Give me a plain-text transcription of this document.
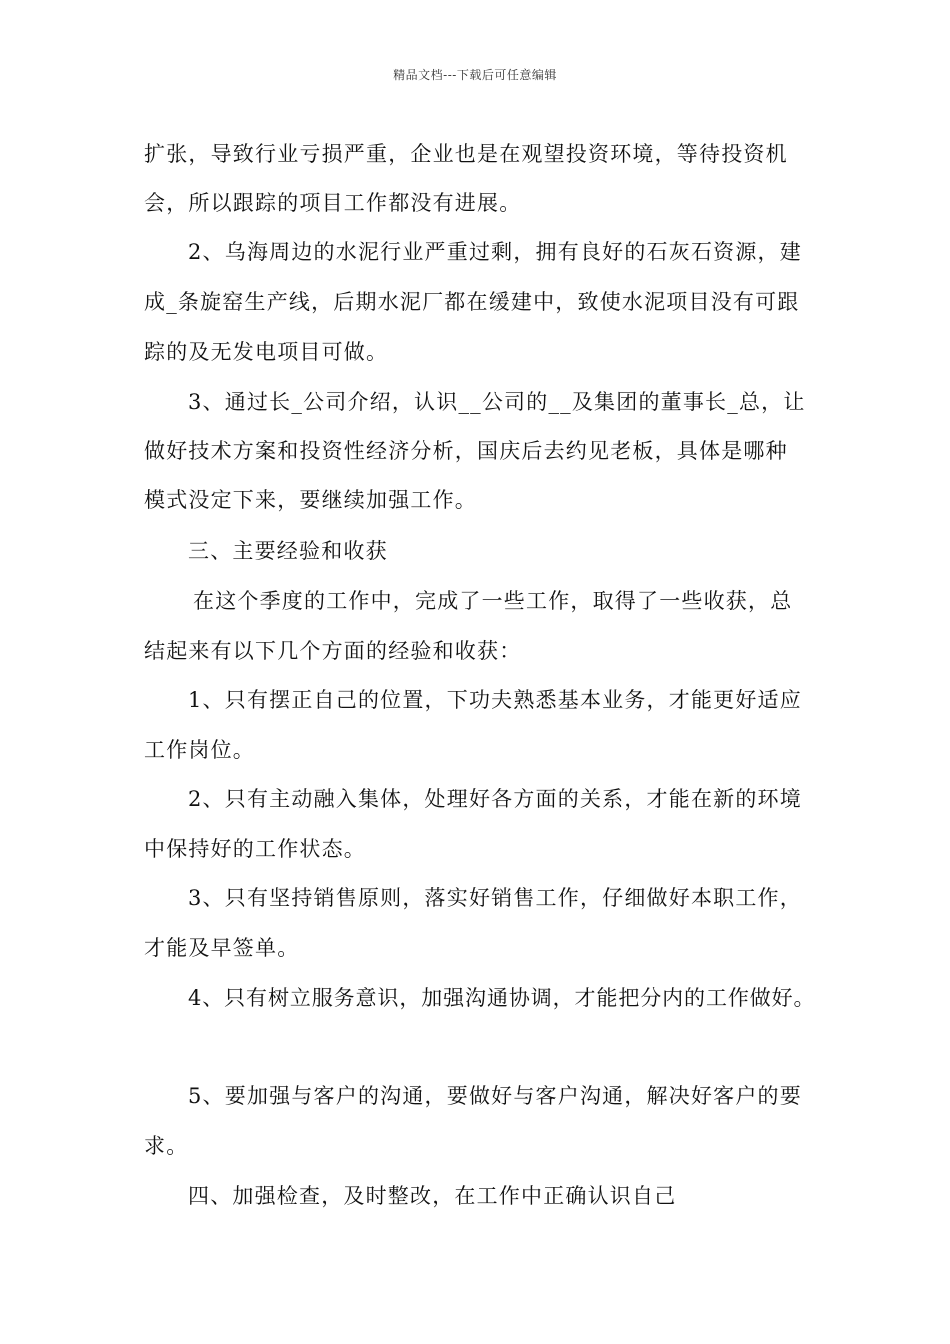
精品文档---下载后可任意编辑
扩张，导致行业亏损严重，企业也是在观望投资环境，等待投资机
会，所以跟踪的项目工作都没有进展。
2、乌海周边的水泥行业严重过剩，拥有良好的石灰石资源，建
成_条旋窑生产线，后期水泥厂都在缓建中，致使水泥项目没有可跟
踪的及无发电项目可做。
3、通过长_公司介绍，认识__公司的__及集团的董事长_总，让
做好技术方案和投资性经济分析，国庆后去约见老板，具体是哪种
模式没定下来，要继续加强工作。
三、主要经验和收获
在这个季度的工作中，完成了一些工作，取得了一些收获，总
结起来有以下几个方面的经验和收获：
1、只有摆正自己的位置，下功夫熟悉基本业务，才能更好适应
工作岗位。
2、只有主动融入集体，处理好各方面的关系，才能在新的环境
中保持好的工作状态。
3、只有坚持销售原则，落实好销售工作，仔细做好本职工作，
才能及早签单。
4、只有树立服务意识，加强沟通协调，才能把分内的工作做好。
5、要加强与客户的沟通，要做好与客户沟通，解决好客户的要
求。
四、加强检查，及时整改，在工作中正确认识自己
